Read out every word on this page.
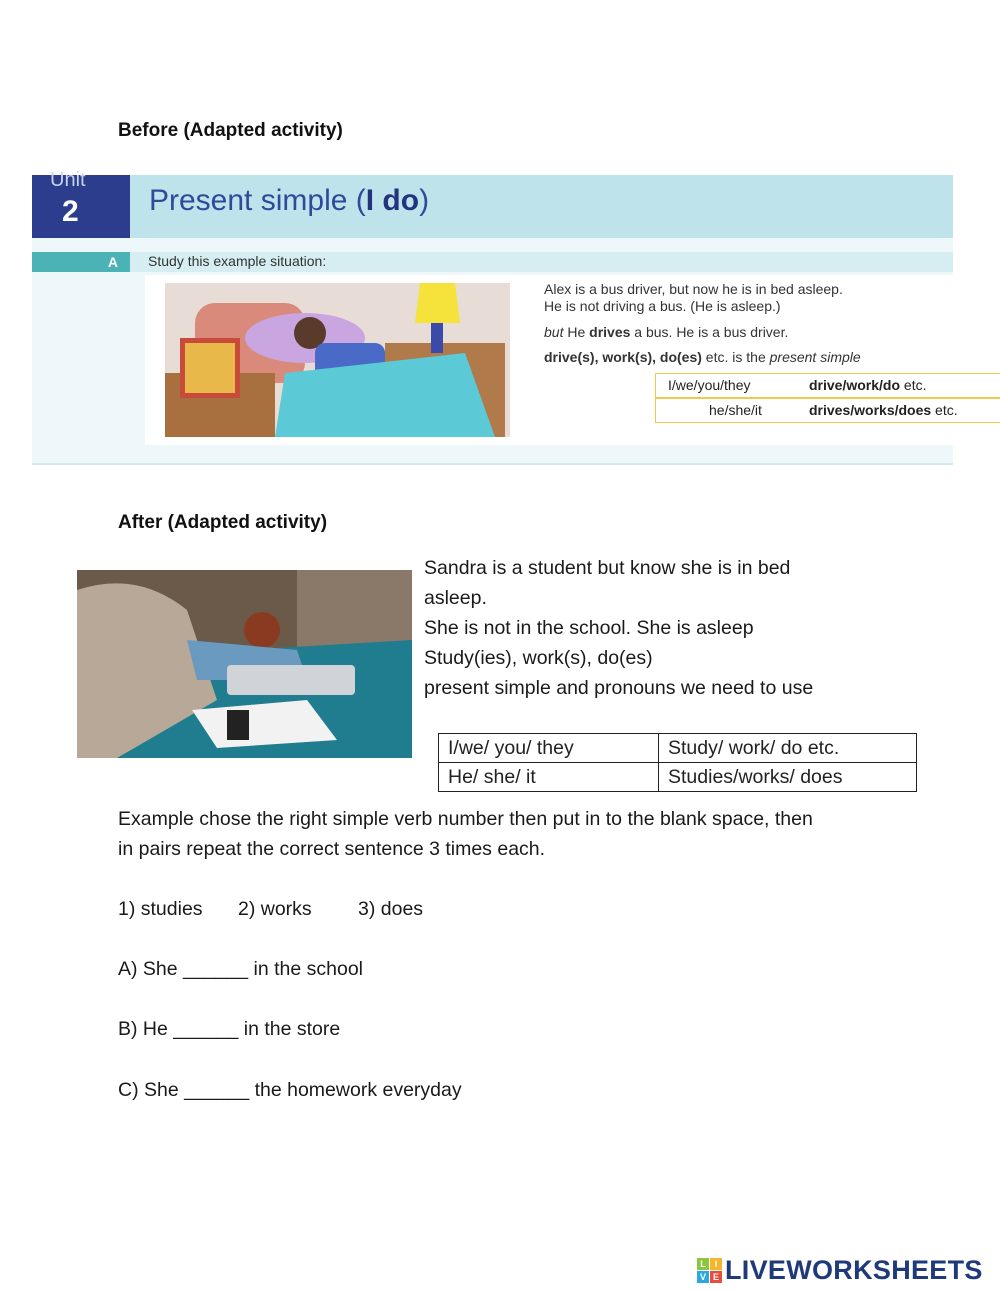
Before (Adapted activity)
Unit
2 Present simple (I do)
A	Study this example situation:
Alex is a bus driver, but now he is in bed asleep.
He is not driving a bus. (He is asleep.)
but He drives a bus. He is a bus driver.
drive(s), work(s), do(es) etc. is the present simple
I/we/you/they	drive/work/do etc.
he/she/it	drives/works/does etc.
After (Adapted activity)
Sandra is a student but know she is in bed
asleep.
She is not in the school. She is asleep
Study(ies), work(s), do(es)
present simple and pronouns we need to use
I/we/ you/ they	Study/ work/ do etc.
He/ she/ it	Studies/works/ does
Example chose the right simple verb number then put in to the blank space, then
in pairs repeat the correct sentence 3 times each.
1) studies 2) works 3) does
A) She ______ in the school
B) He ______ in the store
C) She ______ the homework everyday
L I
V E LIVEWORKSHEETS
